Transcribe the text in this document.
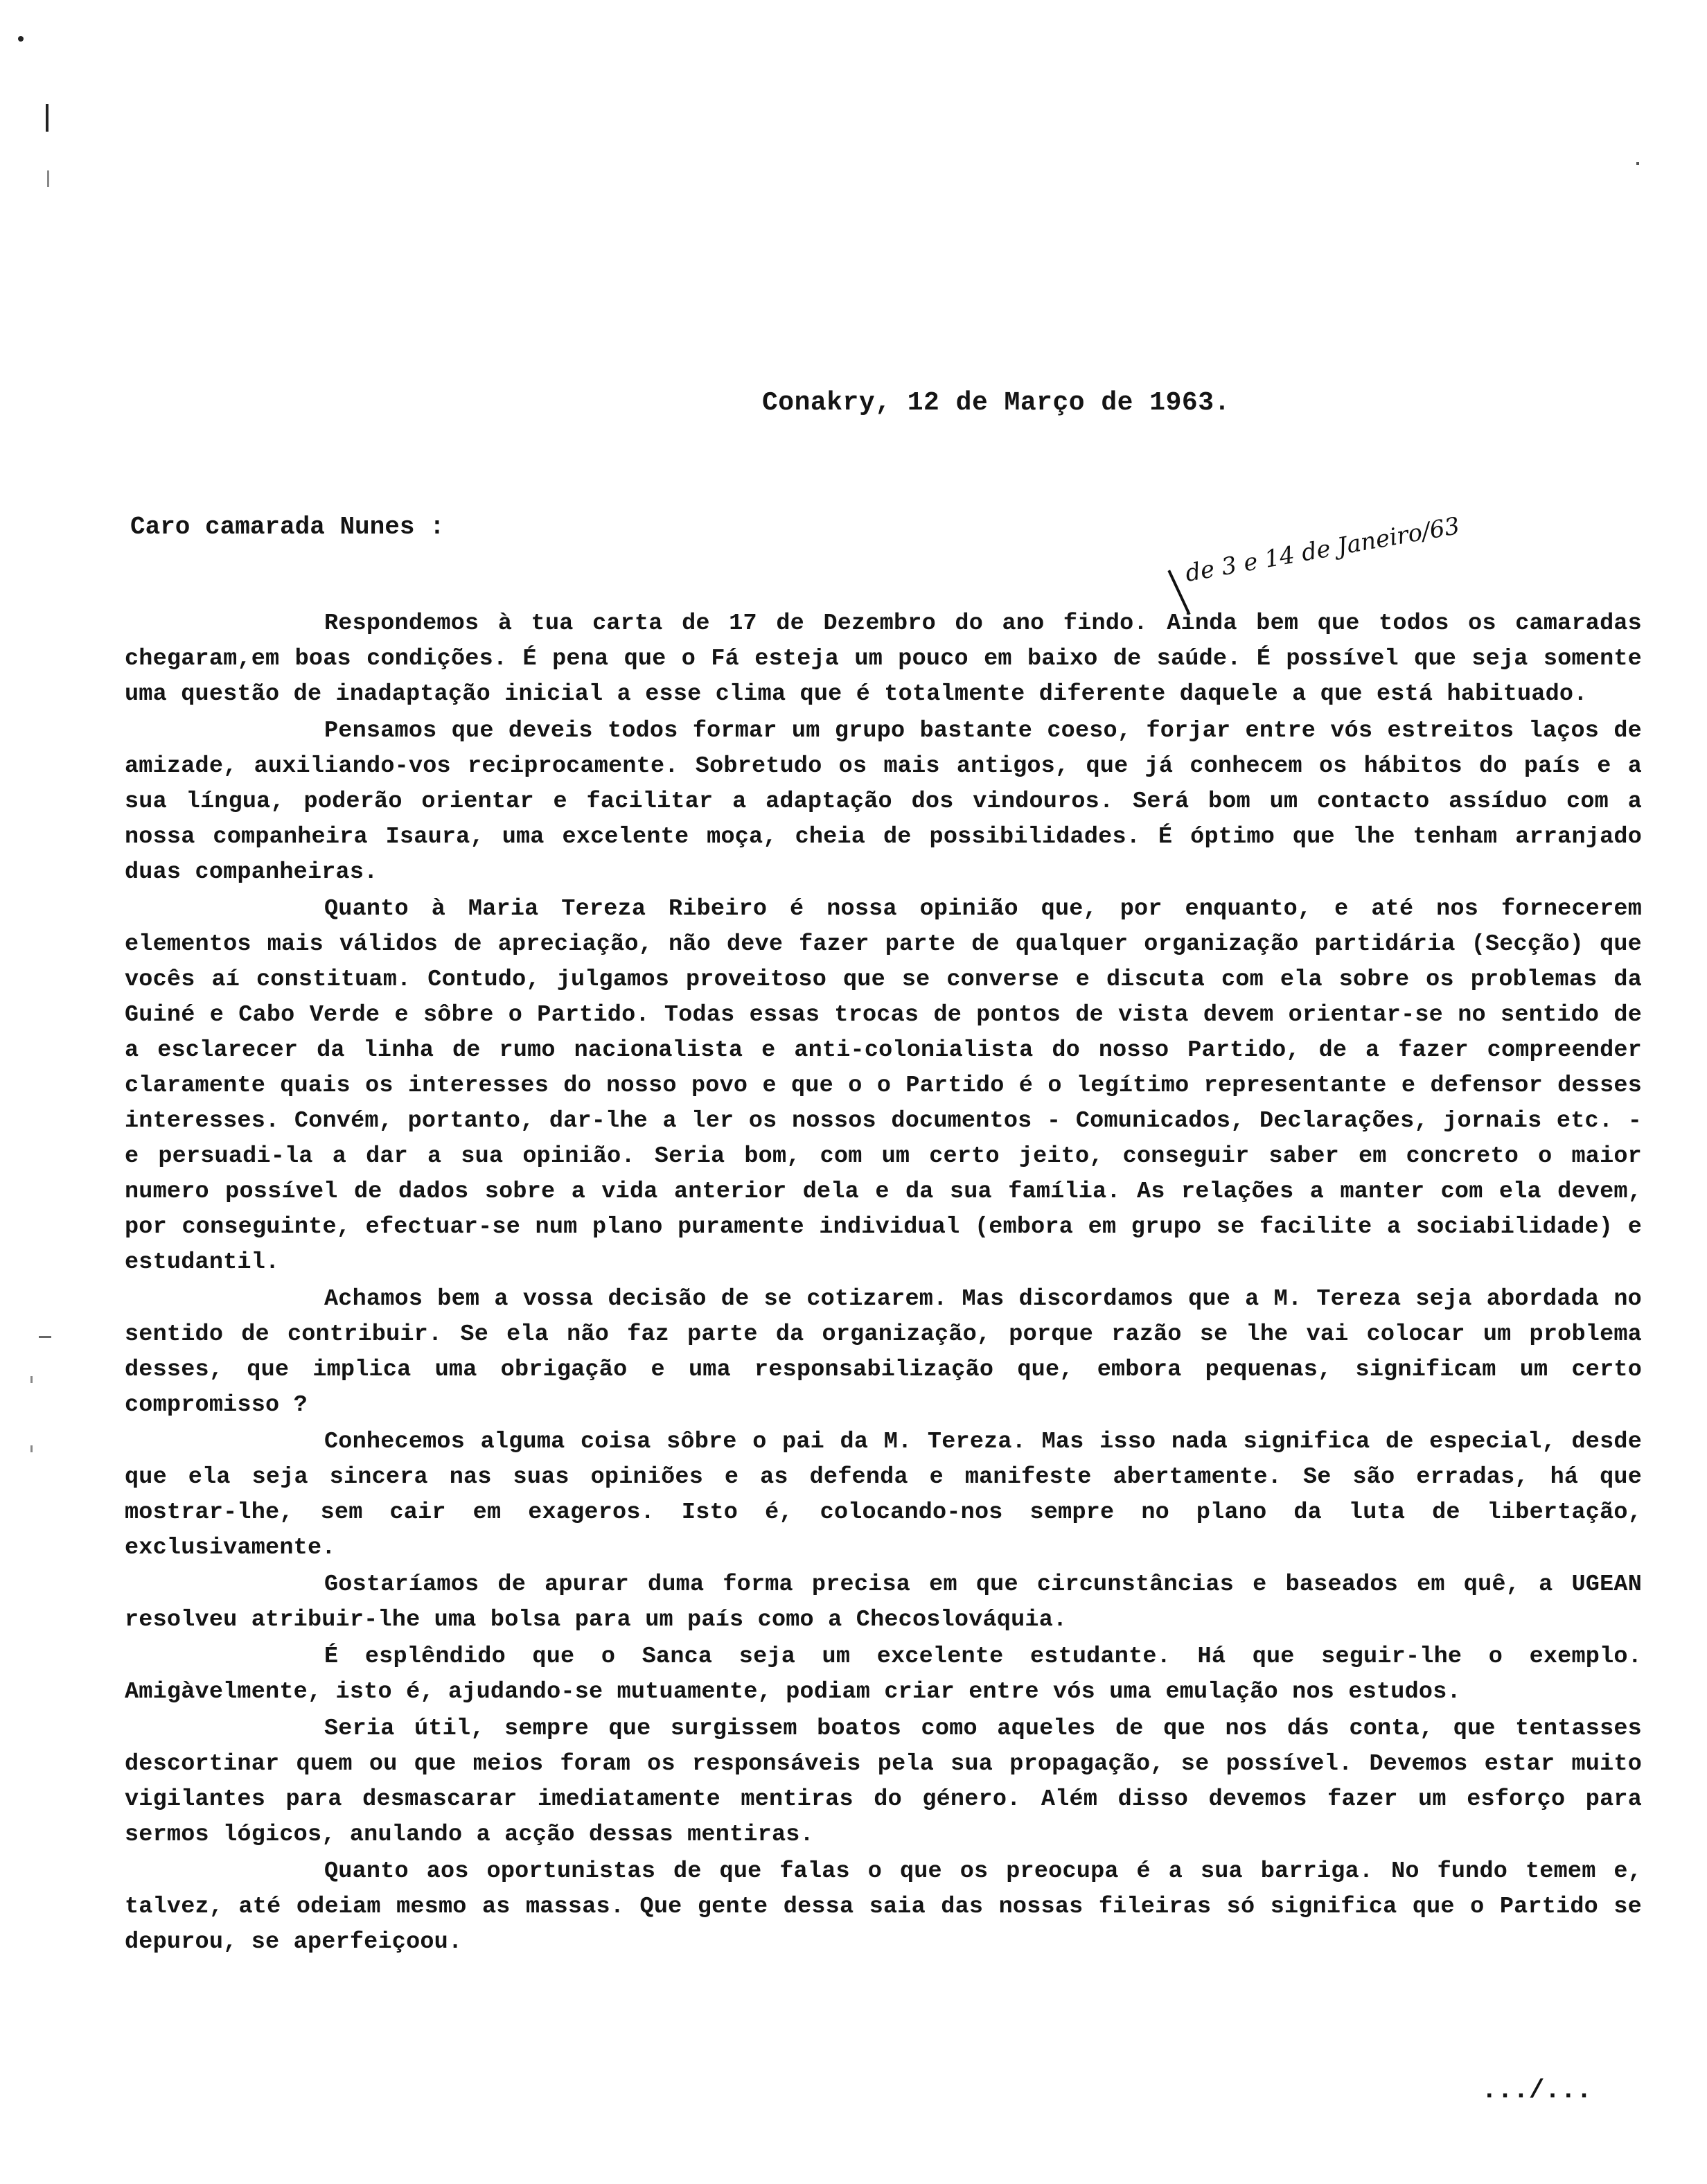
Conakry, 12 de Março de 1963.
Caro camarada Nunes :	de 3 e 14 de Janeiro/63

Respondemos à tua carta de 17 de Dezembro do ano findo. Ainda bem que todos os camaradas chegaram,em boas condições. É pena que o Fá esteja um pouco em baixo de saúde. É possível que seja somente uma questão de inadaptação inicial a esse clima que é totalmente diferente daquele a que está habituado.

Pensamos que deveis todos formar um grupo bastante coeso, forjar entre vós estreitos laços de amizade, auxiliando-vos reciprocamente. Sobretudo os mais antigos, que já conhecem os hábitos do país e a sua língua, poderão orientar e facilitar a adaptação dos vindouros. Será bom um contacto assíduo com a nossa companheira Isaura, uma excelente moça, cheia de possibilidades. É óptimo que lhe tenham arranjado duas companheiras.

Quanto à Maria Tereza Ribeiro é nossa opinião que, por enquanto, e até nos fornecerem elementos mais válidos de apreciação, não deve fazer parte de qualquer organização partidária (Secção) que vocês aí constituam. Contudo, julgamos proveitoso que se converse e discuta com ela sobre os problemas da Guiné e Cabo Verde e sôbre o Partido. Todas essas trocas de pontos de vista devem orientar-se no sentido de a esclarecer da linha de rumo nacionalista e anti-colonialista do nosso Partido, de a fazer compreender claramente quais os interesses do nosso povo e que o o Partido é o legítimo representante e defensor desses interesses. Convém, portanto, dar-lhe a ler os nossos documentos - Comunicados, Declarações, jornais etc. - e persuadi-la a dar a sua opinião. Seria bom, com um certo jeito, conseguir saber em concreto o maior numero possível de dados sobre a vida anterior dela e da sua família. As relações a manter com ela devem, por conseguinte, efectuar-se num plano puramente individual (embora em grupo se facilite a sociabilidade) e estudantil.

Achamos bem a vossa decisão de se cotizarem. Mas discordamos que a M. Tereza seja abordada no sentido de contribuir. Se ela não faz parte da organização, porque razão se lhe vai colocar um problema desses, que implica uma obrigação e uma responsabilização que, embora pequenas, significam um certo compromisso ?

Conhecemos alguma coisa sôbre o pai da M. Tereza. Mas isso nada significa de especial, desde que ela seja sincera nas suas opiniões e as defenda e manifeste abertamente. Se são erradas, há que mostrar-lhe, sem cair em exageros. Isto é, colocando-nos sempre no plano da luta de libertação, exclusivamente.

Gostaríamos de apurar duma forma precisa em que circunstâncias e baseados em quê, a UGEAN resolveu atribuir-lhe uma bolsa para um país como a Checoslováquia.

É esplêndido que o Sanca seja um excelente estudante. Há que seguir-lhe o exemplo. Amigàvelmente, isto é, ajudando-se mutuamente, podiam criar entre vós uma emulação nos estudos.

Seria útil, sempre que surgissem boatos como aqueles de que nos dás conta, que tentasses descortinar quem ou que meios foram os responsáveis pela sua propagação, se possível. Devemos estar muito vigilantes para desmascarar imediatamente mentiras do género. Além disso devemos fazer um esforço para sermos lógicos, anulando a acção dessas mentiras.

Quanto aos oportunistas de que falas o que os preocupa é a sua barriga. No fundo temem e, talvez, até odeiam mesmo as massas. Que gente dessa saia das nossas fileiras só significa que o Partido se depurou, se aperfeiçoou.

.../...
